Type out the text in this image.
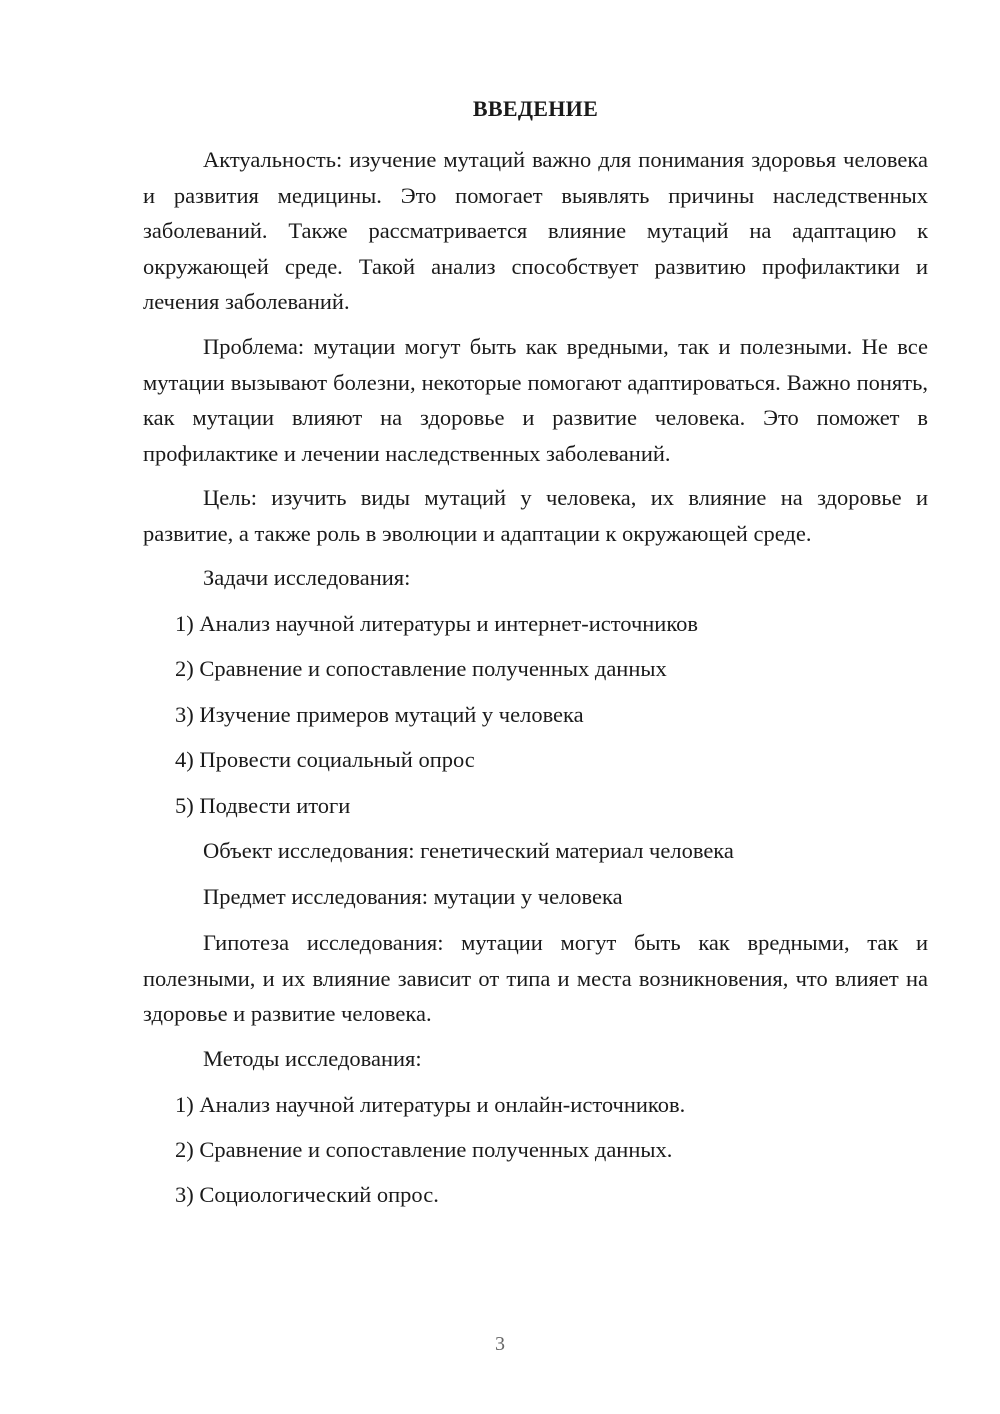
ВВЕДЕНИЕ

Актуальность: изучение мутаций важно для понимания здоровья человека и развития медицины. Это помогает выявлять причины наследственных заболеваний. Также рассматривается влияние мутаций на адаптацию к окружающей среде. Такой анализ способствует развитию профилактики и лечения заболеваний.

Проблема: мутации могут быть как вредными, так и полезными. Не все мутации вызывают болезни, некоторые помогают адаптироваться. Важно понять, как мутации влияют на здоровье и развитие человека. Это поможет в профилактике и лечении наследственных заболеваний.

Цель: изучить виды мутаций у человека, их влияние на здоровье и развитие, а также роль в эволюции и адаптации к окружающей среде.

Задачи исследования:

1) Анализ научной литературы и интернет-источников

2) Сравнение и сопоставление полученных данных

3) Изучение примеров мутаций у человека

4) Провести социальный опрос

5) Подвести итоги

Объект исследования: генетический материал человека

Предмет исследования: мутации у человека

Гипотеза исследования: мутации могут быть как вредными, так и полезными, и их влияние зависит от типа и места возникновения, что влияет на здоровье и развитие человека.

Методы исследования:

1) Анализ научной литературы и онлайн-источников.

2) Сравнение и сопоставление полученных данных.

3) Социологический опрос.

3
